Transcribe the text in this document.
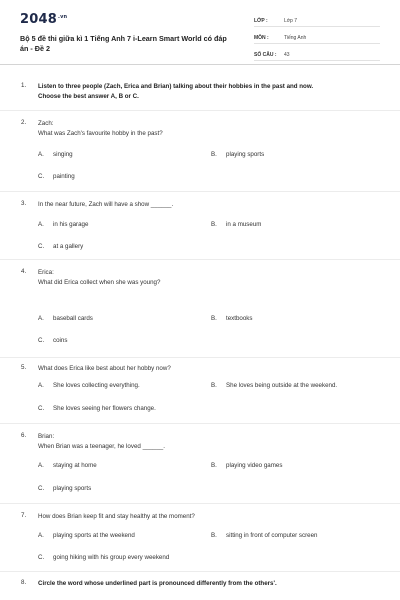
$2048^{.vn}$
Bộ 5 đề thi giữa kì 1 Tiếng Anh 7 i-Learn Smart World có đáp án - Đề 2
LỚP :	Lớp 7
MÔN :	Tiếng Anh
SỐ CÂU :	43
1. Listen to three people (Zach, Erica and Brian) talking about their hobbies in the past and now.
Choose the best answer A, B or C.
2. Zach:
What was Zach's favourite hobby in the past?
A. singing	B. playing sports
C. painting
3. In the near future, Zach will have a show ______.
A. in his garage	B. in a museum
C. at a gallery
4. Erica:
What did Erica collect when she was young?
A. baseball cards	B. textbooks
C. coins
5. What does Erica like best about her hobby now?
A. She loves collecting everything.	B. She loves being outside at the weekend.
C. She loves seeing her flowers change.
6. Brian:
When Brian was a teenager, he loved ______.
A. staying at home	B. playing video games
C. playing sports
7. How does Brian keep fit and stay healthy at the moment?
A. playing sports at the weekend	B. sitting in front of computer screen
C. going hiking with his group every weekend
8. Circle the word whose underlined part is pronounced differently from the others'.
